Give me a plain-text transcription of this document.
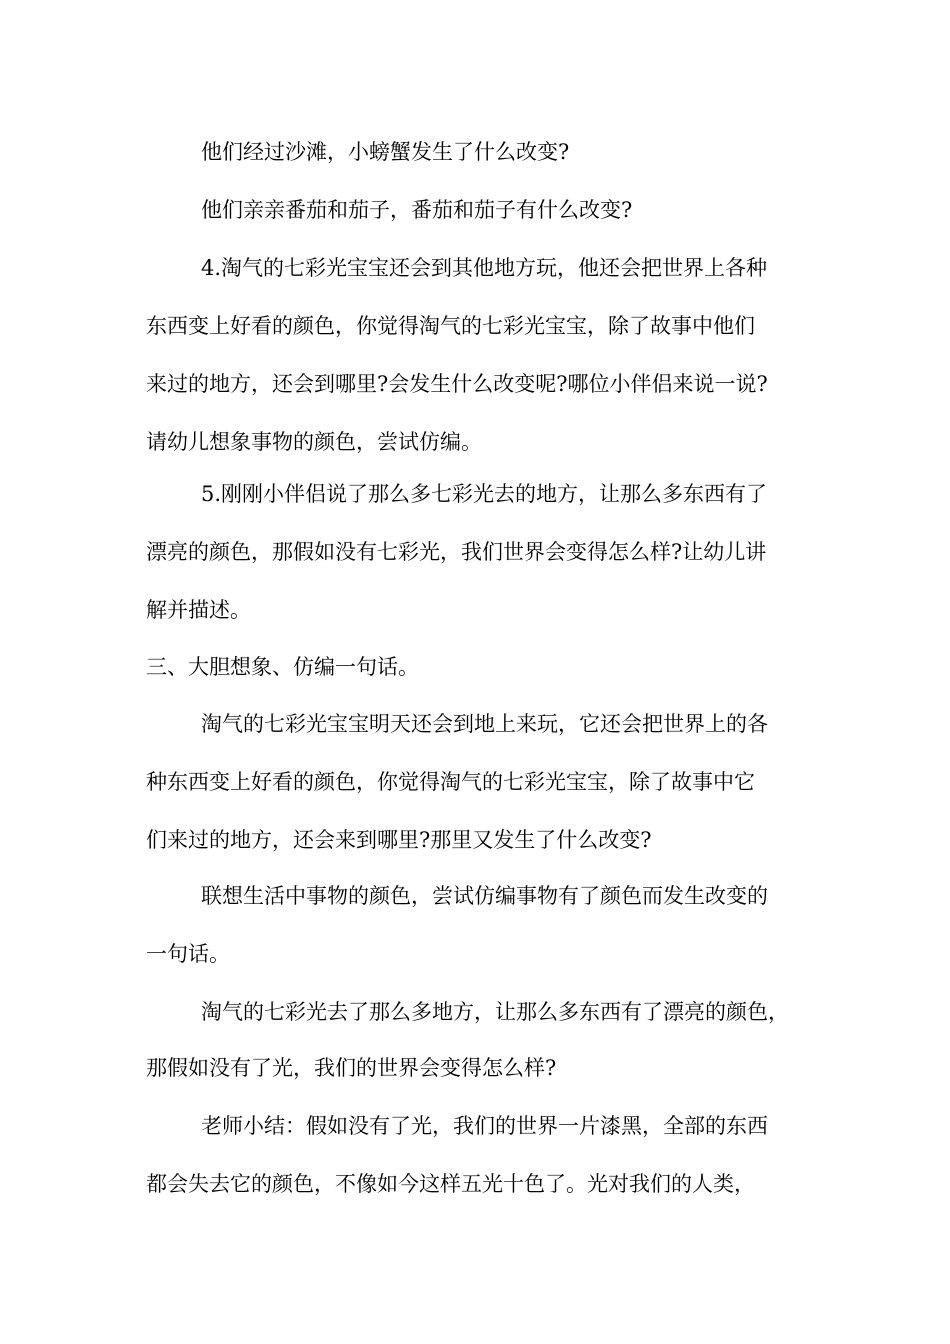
他们经过沙滩，小螃蟹发生了什么改变?
他们亲亲番茄和茄子，番茄和茄子有什么改变?
4.淘气的七彩光宝宝还会到其他地方玩，他还会把世界上各种
东西变上好看的颜色，你觉得淘气的七彩光宝宝，除了故事中他们
来过的地方，还会到哪里?会发生什么改变呢?哪位小伴侣来说一说?
请幼儿想象事物的颜色，尝试仿编。
5.刚刚小伴侣说了那么多七彩光去的地方，让那么多东西有了
漂亮的颜色，那假如没有七彩光，我们世界会变得怎么样?让幼儿讲
解并描述。
三、大胆想象、仿编一句话。
淘气的七彩光宝宝明天还会到地上来玩，它还会把世界上的各
种东西变上好看的颜色，你觉得淘气的七彩光宝宝，除了故事中它
们来过的地方，还会来到哪里?那里又发生了什么改变?
联想生活中事物的颜色，尝试仿编事物有了颜色而发生改变的
一句话。
淘气的七彩光去了那么多地方，让那么多东西有了漂亮的颜色，
那假如没有了光，我们的世界会变得怎么样?
老师小结：假如没有了光，我们的世界一片漆黑，全部的东西
都会失去它的颜色，不像如今这样五光十色了。光对我们的人类，
